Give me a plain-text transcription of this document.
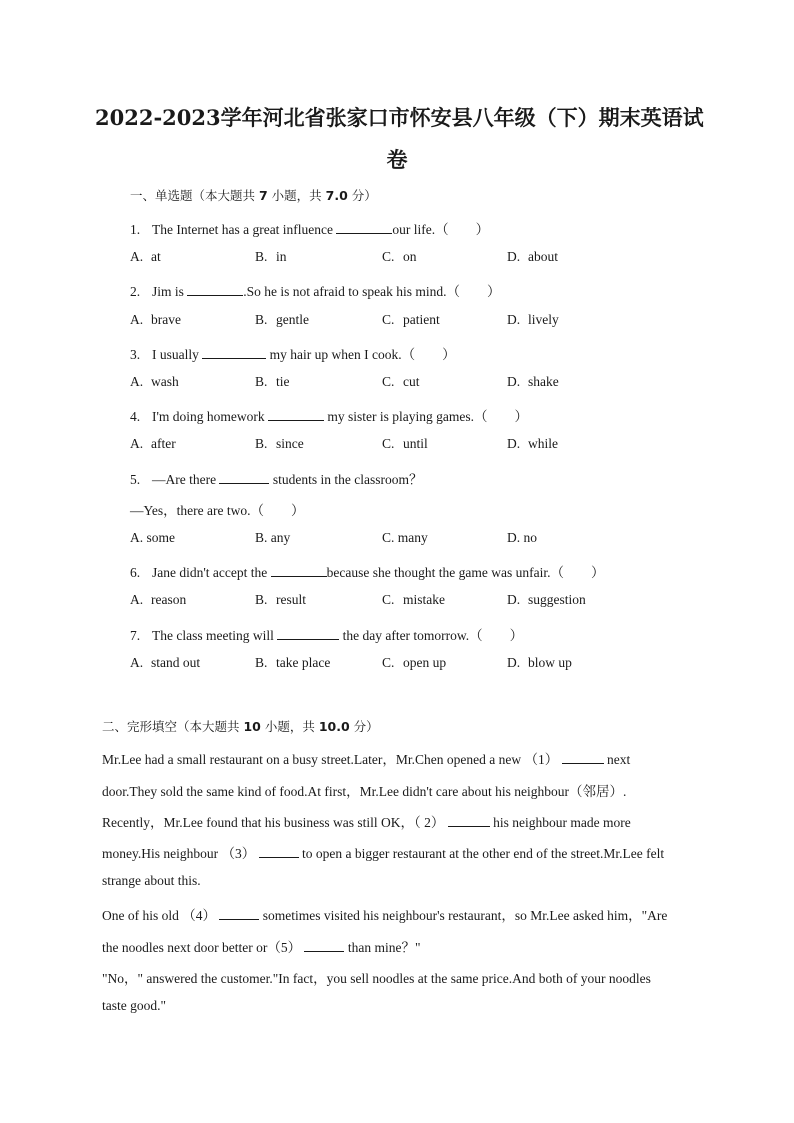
2022-2023学年河北省张家口市怀安县八年级（下）期末英语试
卷
一、单选题（本大题共 7 小题，共 7.0 分）
1. The Internet has a great influence	our life.（　　）
A. at	B. in	C. on	D. about
2. Jim is	.So he is not afraid to speak his mind.（　　）
A. brave	B. gentle	C. patient	D. lively
3. I usually	my hair up when I cook.（　　）
A. wash	B. tie	C. cut	D. shake
4. I'm doing homework	my sister is playing games.（　　）
A. after	B. since	C. until	D. while
5. —Are there	students in the classroom？
—Yes，there are two.（　　）
A. some	B. any	C. many	D. no
6. Jane didn't accept the	because she thought the game was unfair.（　　）
A. reason	B. result	C. mistake	D. suggestion
7. The class meeting will	the day after tomorrow.（　　）
A. stand out	B. take place	C. open up	D. blow up
二、完形填空（本大题共 10 小题，共 10.0 分）
Mr.Lee had a small restaurant on a busy street.Later，Mr.Chen opened a new （1）	next
door.They sold the same kind of food.At first，Mr.Lee didn't care about his neighbour（邻居）.
Recently，Mr.Lee found that his business was still OK，（ 2）	his neighbour made more
money.His neighbour （3）	to open a bigger restaurant at the other end of the street.Mr.Lee felt
strange about this.
One of his old （4）	sometimes visited his neighbour's restaurant，so Mr.Lee asked him，"Are
the noodles next door better or（5）	than mine？"
"No，" answered the customer."In fact，you sell noodles at the same price.And both of your noodles
taste good."
